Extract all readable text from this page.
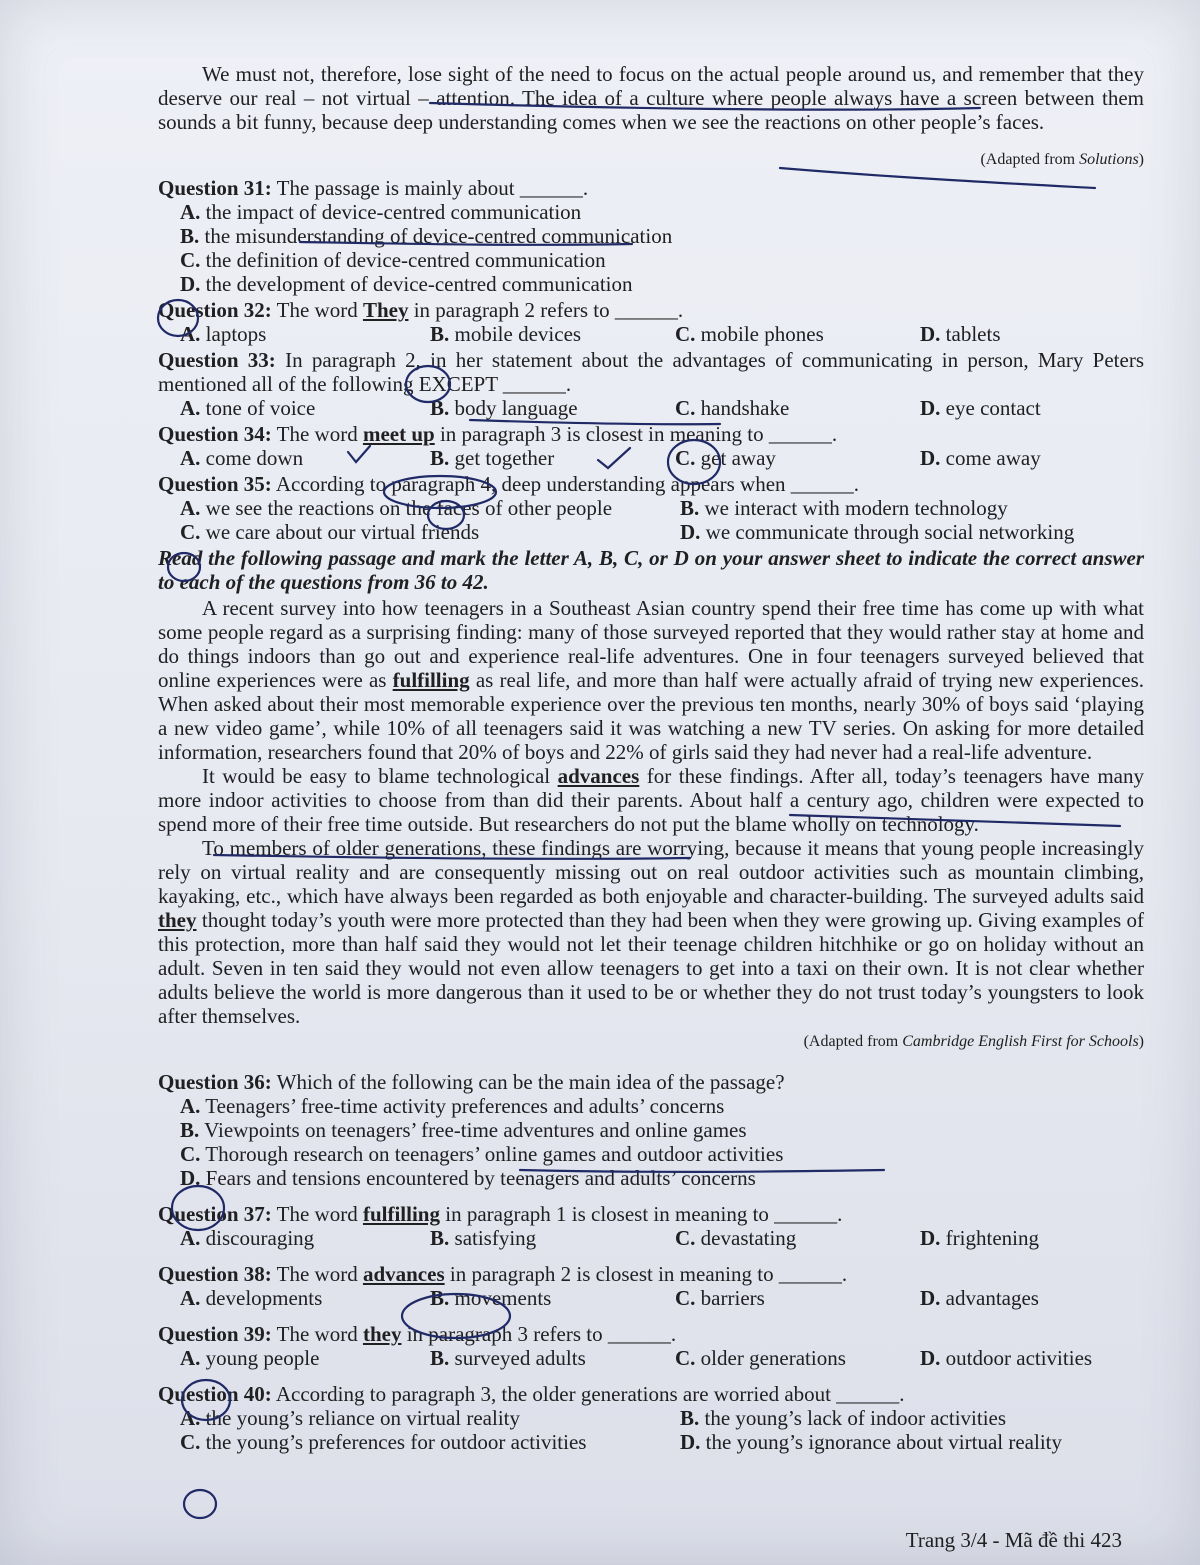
We must not, therefore, lose sight of the need to focus on the actual people around us, and remember that they deserve our real – not virtual – attention. The idea of a culture where people always have a screen between them sounds a bit funny, because deep understanding comes when we see the reactions on other people’s faces.

(Adapted from Solutions)

Question 31: The passage is mainly about ______.
A. the impact of device-centred communication
B. the misunderstanding of device-centred communication
C. the definition of device-centred communication
D. the development of device-centred communication
Question 32: The word They in paragraph 2 refers to ______.
A. laptops	B. mobile devices	C. mobile phones	D. tablets
Question 33: In paragraph 2, in her statement about the advantages of communicating in person, Mary Peters mentioned all of the following EXCEPT ______.
A. tone of voice	B. body language	C. handshake	D. eye contact
Question 34: The word meet up in paragraph 3 is closest in meaning to ______.
A. come down	B. get together	C. get away	D. come away
Question 35: According to paragraph 4, deep understanding appears when ______.
A. we see the reactions on the faces of other people	B. we interact with modern technology
C. we care about our virtual friends	D. we communicate through social networking

Read the following passage and mark the letter A, B, C, or D on your answer sheet to indicate the correct answer to each of the questions from 36 to 42.

A recent survey into how teenagers in a Southeast Asian country spend their free time has come up with what some people regard as a surprising finding: many of those surveyed reported that they would rather stay at home and do things indoors than go out and experience real-life adventures. One in four teenagers surveyed believed that online experiences were as fulfilling as real life, and more than half were actually afraid of trying new experiences. When asked about their most memorable experience over the previous ten months, nearly 30% of boys said ‘playing a new video game’, while 10% of all teenagers said it was watching a new TV series. On asking for more detailed information, researchers found that 20% of boys and 22% of girls said they had never had a real-life adventure.

It would be easy to blame technological advances for these findings. After all, today’s teenagers have many more indoor activities to choose from than did their parents. About half a century ago, children were expected to spend more of their free time outside. But researchers do not put the blame wholly on technology.

To members of older generations, these findings are worrying, because it means that young people increasingly rely on virtual reality and are consequently missing out on real outdoor activities such as mountain climbing, kayaking, etc., which have always been regarded as both enjoyable and character-building. The surveyed adults said they thought today’s youth were more protected than they had been when they were growing up. Giving examples of this protection, more than half said they would not let their teenage children hitchhike or go on holiday without an adult. Seven in ten said they would not even allow teenagers to get into a taxi on their own. It is not clear whether adults believe the world is more dangerous than it used to be or whether they do not trust today’s youngsters to look after themselves.

(Adapted from Cambridge English First for Schools)

Question 36: Which of the following can be the main idea of the passage?
A. Teenagers’ free-time activity preferences and adults’ concerns
B. Viewpoints on teenagers’ free-time adventures and online games
C. Thorough research on teenagers’ online games and outdoor activities
D. Fears and tensions encountered by teenagers and adults’ concerns
Question 37: The word fulfilling in paragraph 1 is closest in meaning to ______.
A. discouraging	B. satisfying	C. devastating	D. frightening
Question 38: The word advances in paragraph 2 is closest in meaning to ______.
A. developments	B. movements	C. barriers	D. advantages
Question 39: The word they in paragraph 3 refers to ______.
A. young people	B. surveyed adults	C. older generations	D. outdoor activities
Question 40: According to paragraph 3, the older generations are worried about ______.
A. the young’s reliance on virtual reality	B. the young’s lack of indoor activities
C. the young’s preferences for outdoor activities	D. the young’s ignorance about virtual reality
Trang 3/4 - Mã đề thi 423
